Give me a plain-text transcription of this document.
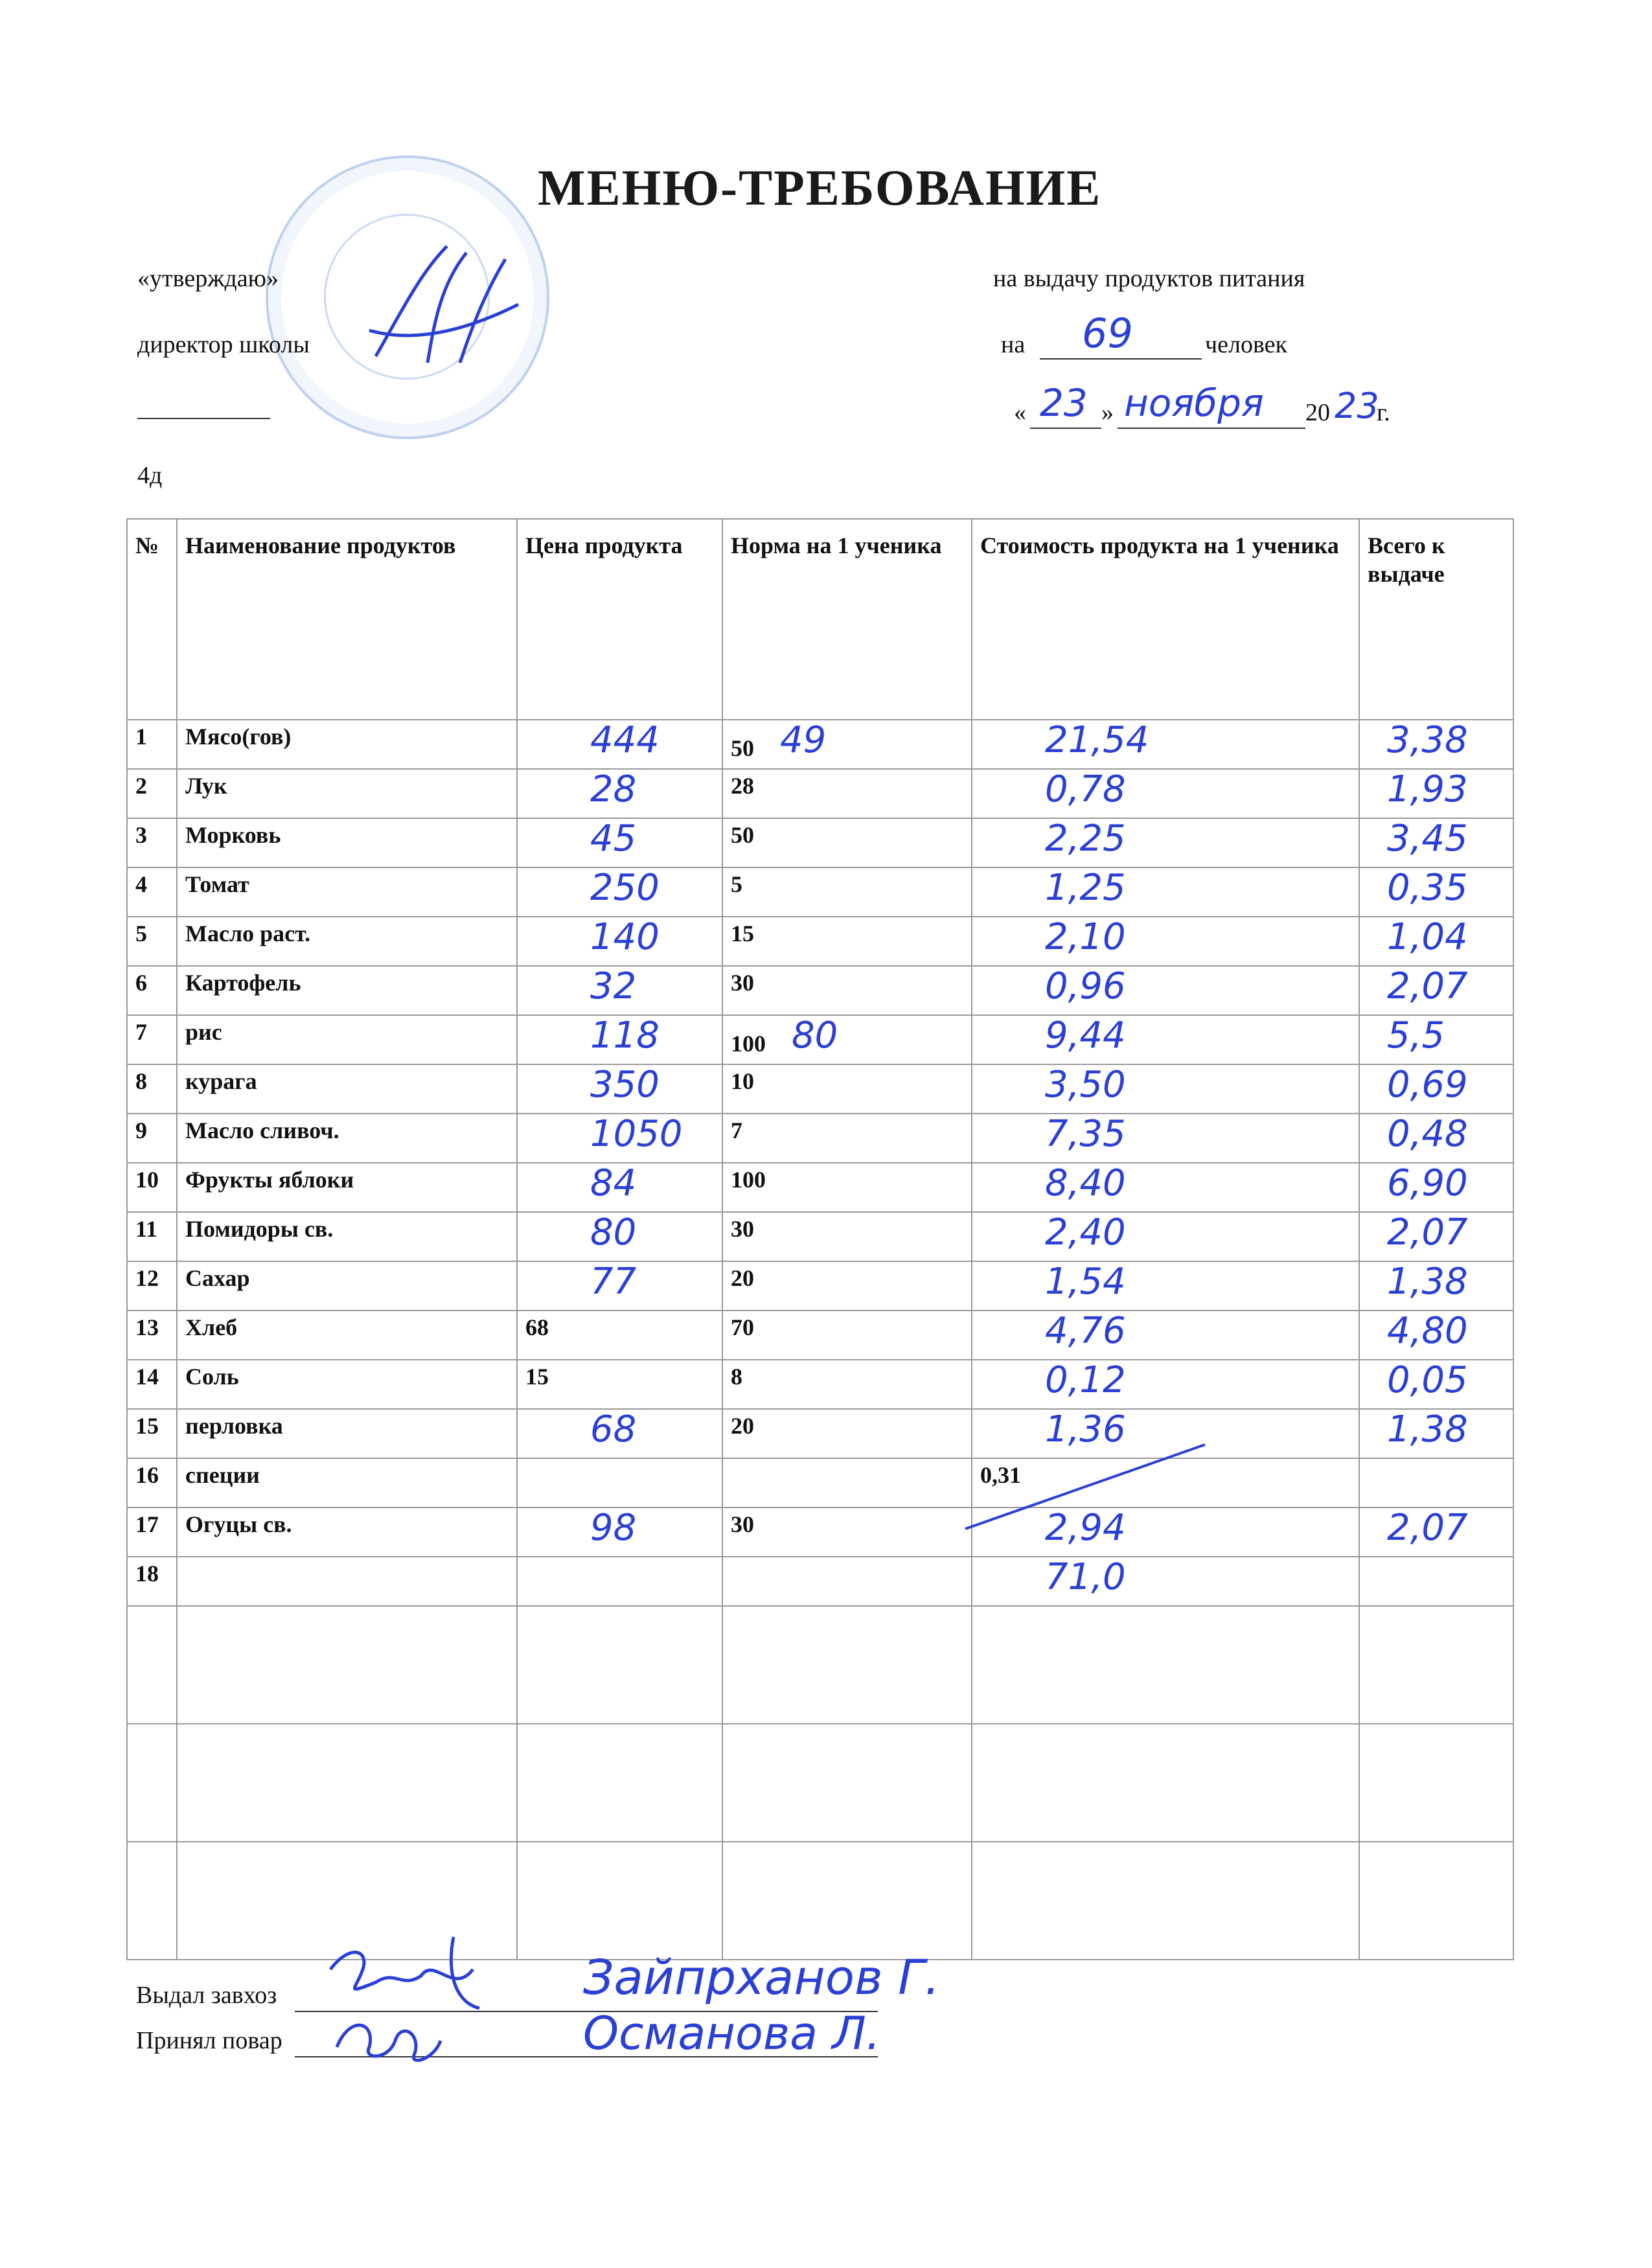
МЕНЮ-ТРЕБОВАНИЕ
«утверждаю»
директор школы
4д
на выдачу продуктов питания
на 69	человек
« 23 » ноября 20 23
г.
№	Наименование продуктов	Цена продукта	Норма на 1 ученика	Стоимость продукта на 1 ученика	Всего к выдаче
1	Мясо(гов)	444	50 49	21,54	3,38
2	Лук	28	28	0,78	1,93
3	Морковь	45	50	2,25	3,45
4	Томат	250	5	1,25	0,35
5	Масло раст.	140	15	2,10	1,04
6	Картофель	32	30	0,96	2,07
7	рис	118	100 80	9,44	5,5
8	курага	350	10	3,50	0,69
9	Масло сливоч.	1050	7	7,35	0,48
10	Фрукты яблоки	84	100	8,40	6,90
11	Помидоры св.	80	30	2,40	2,07
12	Сахар	77	20	1,54	1,38
13	Хлеб	68	70	4,76	4,80
14	Соль	15	8	0,12	0,05
15	перловка	68	20	1,36	1,38
16	специи			0,31	
17	Огуцы св.	98	30	2,94	2,07
18				71,0	

Выдал завхоз	Зайпрханов Г.
Принял повар	Османова Л.
